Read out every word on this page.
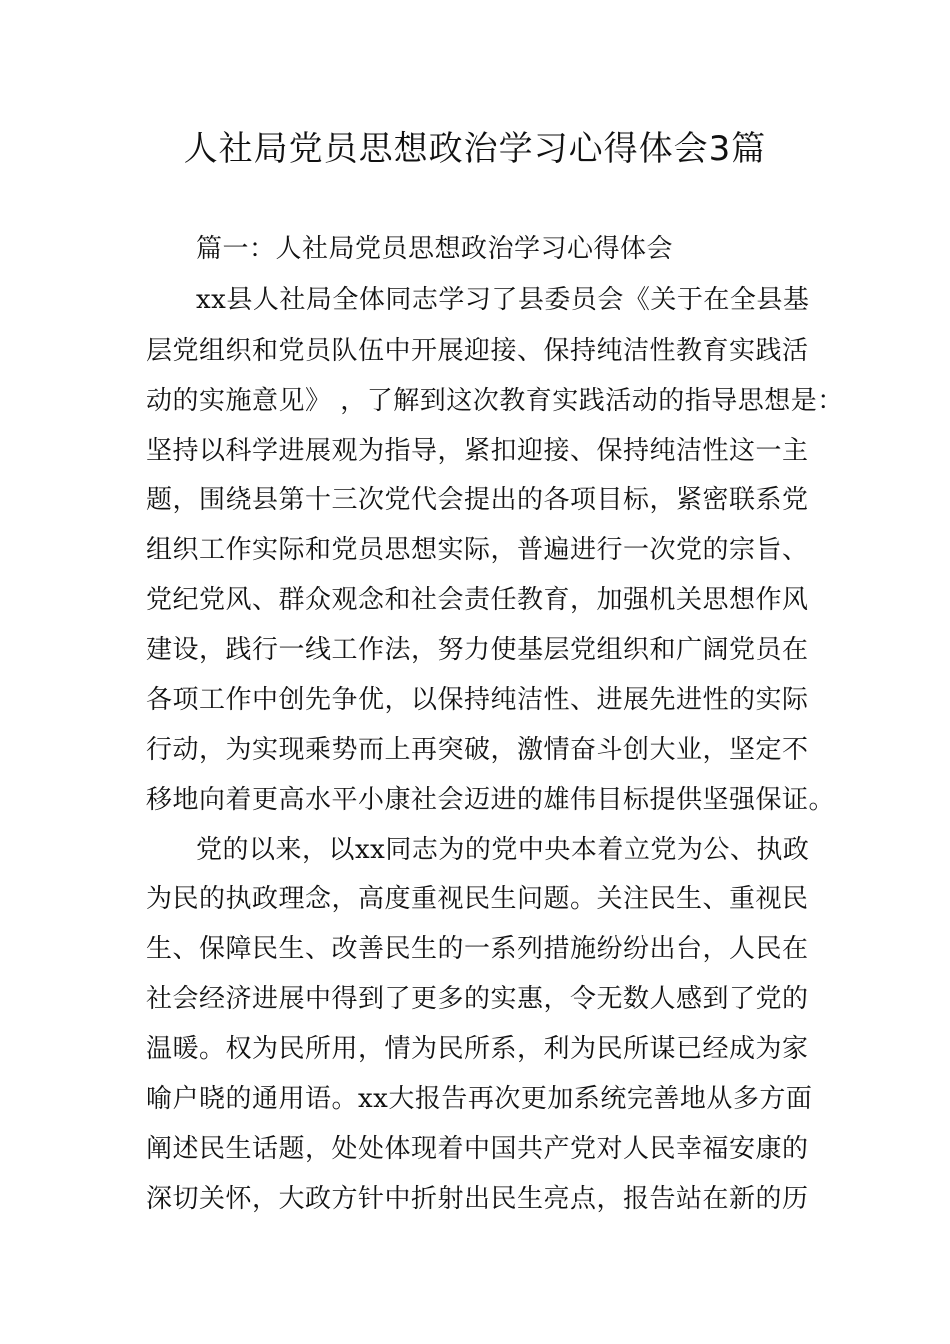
人社局党员思想政治学习心得体会3篇
篇一：人社局党员思想政治学习心得体会
xx县人社局全体同志学习了县委员会《关于在全县基
层党组织和党员队伍中开展迎接、保持纯洁性教育实践活
动的实施意见》 ，了解到这次教育实践活动的指导思想是：
坚持以科学进展观为指导，紧扣迎接、保持纯洁性这一主
题，围绕县第十三次党代会提出的各项目标，紧密联系党
组织工作实际和党员思想实际，普遍进行一次党的宗旨、
党纪党风、群众观念和社会责任教育，加强机关思想作风
建设，践行一线工作法，努力使基层党组织和广阔党员在
各项工作中创先争优，以保持纯洁性、进展先进性的实际
行动，为实现乘势而上再突破，激情奋斗创大业，坚定不
移地向着更高水平小康社会迈进的雄伟目标提供坚强保证。
党的以来，以xx同志为的党中央本着立党为公、执政
为民的执政理念，高度重视民生问题。关注民生、重视民
生、保障民生、改善民生的一系列措施纷纷出台，人民在
社会经济进展中得到了更多的实惠，令无数人感到了党的
温暖。权为民所用，情为民所系，利为民所谋已经成为家
喻户晓的通用语。xx大报告再次更加系统完善地从多方面
阐述民生话题，处处体现着中国共产党对人民幸福安康的
深切关怀，大政方针中折射出民生亮点，报告站在新的历
